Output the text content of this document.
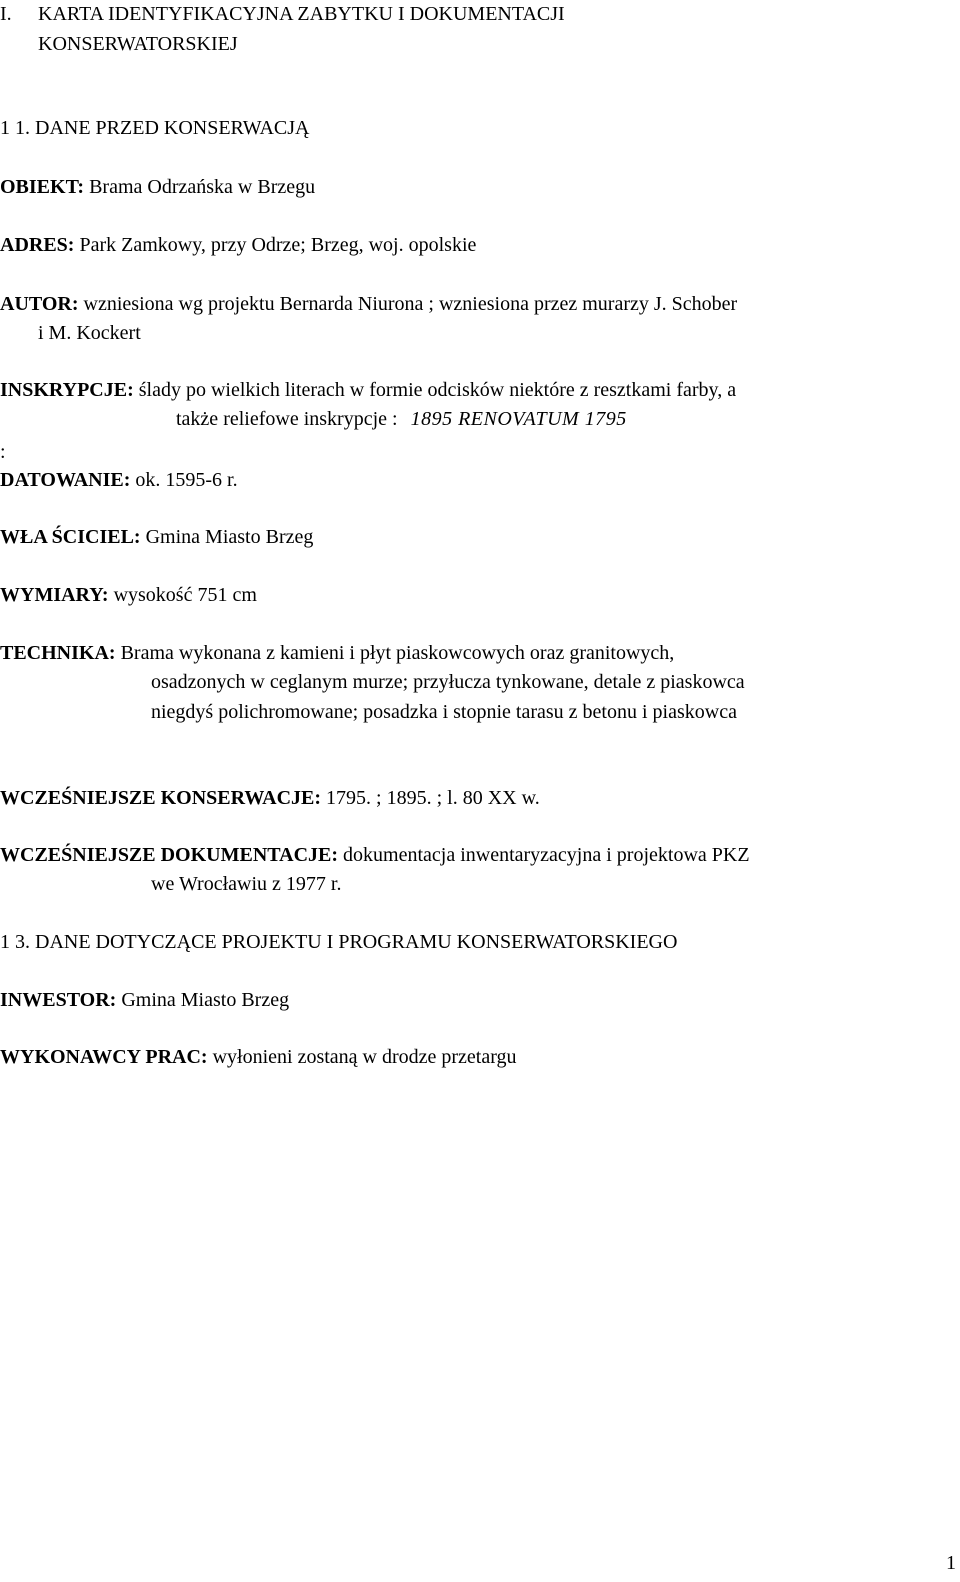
I. KARTA IDENTYFIKACYJNA ZABYTKU I DOKUMENTACJI
KONSERWATORSKIEJ
1 1. DANE PRZED KONSERWACJĄ
OBIEKT: Brama Odrzańska w Brzegu
ADRES: Park Zamkowy, przy Odrze; Brzeg, woj. opolskie
AUTOR: wzniesiona wg projektu Bernarda Niurona ; wzniesiona przez murarzy J. Schober
i M. Kockert
INSKRYPCJE: ślady po wielkich literach w formie odcisków niektóre z resztkami farby, a
także reliefowe inskrypcje : 1895 RENOVATUM 1795
:
DATOWANIE: ok. 1595-6 r.
WŁA ŚCICIEL: Gmina Miasto Brzeg
WYMIARY: wysokość 751 cm
TECHNIKA: Brama wykonana z kamieni i płyt piaskowcowych oraz granitowych,
osadzonych w ceglanym murze; przyłucza tynkowane, detale z piaskowca
niegdyś polichromowane; posadzka i stopnie tarasu z betonu i piaskowca
WCZEŚNIEJSZE KONSERWACJE: 1795. ; 1895. ; l. 80 XX w.
WCZEŚNIEJSZE DOKUMENTACJE: dokumentacja inwentaryzacyjna i projektowa PKZ
we Wrocławiu z 1977 r.
1 3. DANE DOTYCZĄCE PROJEKTU I PROGRAMU KONSERWATORSKIEGO
INWESTOR: Gmina Miasto Brzeg
WYKONAWCY PRAC: wyłonieni zostaną w drodze przetargu
1
